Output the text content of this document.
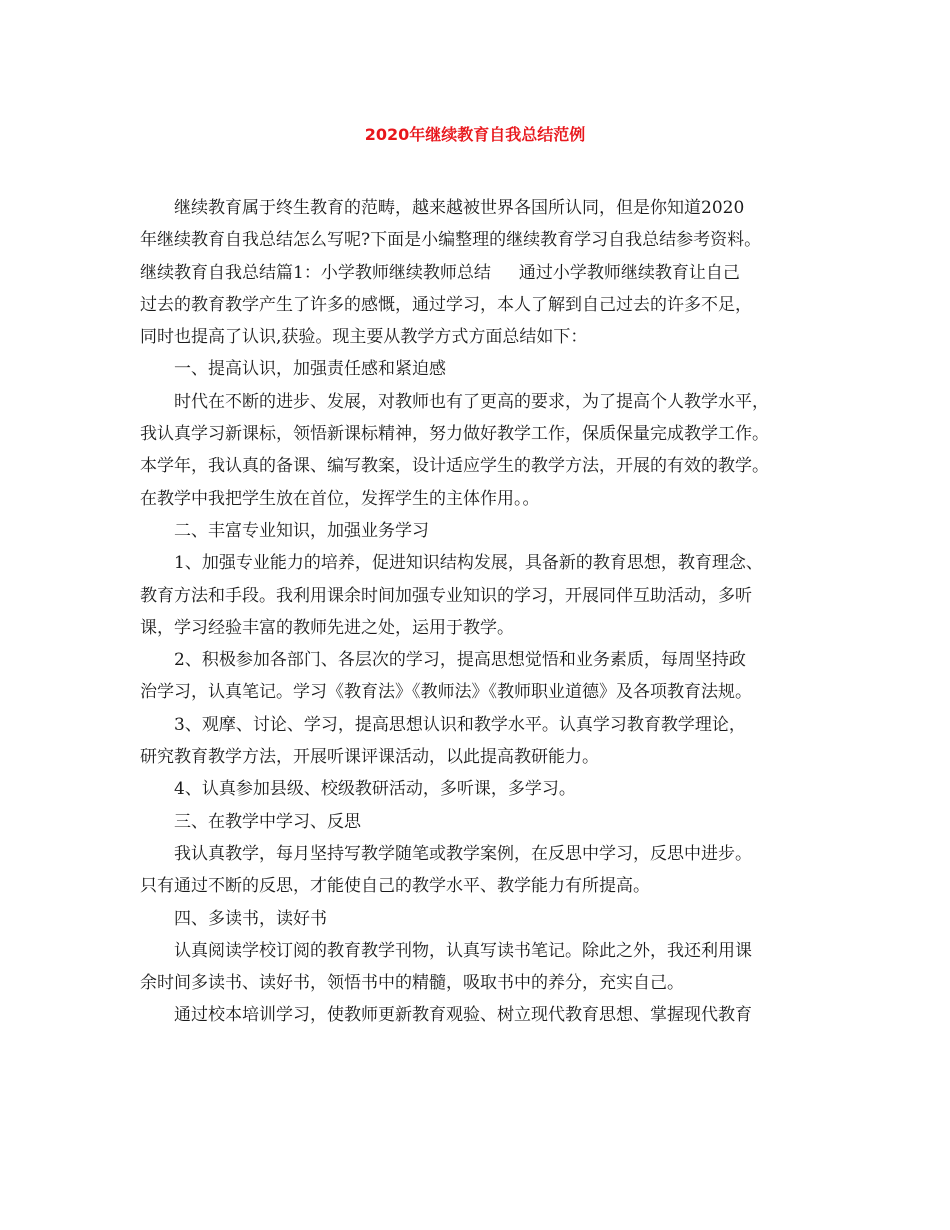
2020年继续教育自我总结范例
继续教育属于终生教育的范畴，越来越被世界各国所认同，但是你知道2020
年继续教育自我总结怎么写呢?下面是小编整理的继续教育学习自我总结参考资料。
继续教育自我总结篇1：小学教师继续教师总结 通过小学教师继续教育让自己
过去的教育教学产生了许多的感慨，通过学习，本人了解到自己过去的许多不足，
同时也提高了认识,获验。现主要从教学方式方面总结如下：
一、提高认识，加强责任感和紧迫感
时代在不断的进步、发展，对教师也有了更高的要求，为了提高个人教学水平，
我认真学习新课标，领悟新课标精神，努力做好教学工作，保质保量完成教学工作。
本学年，我认真的备课、编写教案，设计适应学生的教学方法，开展的有效的教学。
在教学中我把学生放在首位，发挥学生的主体作用。。
二、丰富专业知识，加强业务学习
1、加强专业能力的培养，促进知识结构发展，具备新的教育思想，教育理念、
教育方法和手段。我利用课余时间加强专业知识的学习，开展同伴互助活动，多听
课，学习经验丰富的教师先进之处，运用于教学。
2、积极参加各部门、各层次的学习，提高思想觉悟和业务素质，每周坚持政
治学习，认真笔记。学习《教育法》《教师法》《教师职业道德》及各项教育法规。
3、观摩、讨论、学习，提高思想认识和教学水平。认真学习教育教学理论，
研究教育教学方法，开展听课评课活动，以此提高教研能力。
4、认真参加县级、校级教研活动，多听课，多学习。
三、在教学中学习、反思
我认真教学，每月坚持写教学随笔或教学案例，在反思中学习，反思中进步。
只有通过不断的反思，才能使自己的教学水平、教学能力有所提高。
四、多读书，读好书
认真阅读学校订阅的教育教学刊物，认真写读书笔记。除此之外，我还利用课
余时间多读书、读好书，领悟书中的精髓，吸取书中的养分，充实自己。
通过校本培训学习，使教师更新教育观验、树立现代教育思想、掌握现代教育
